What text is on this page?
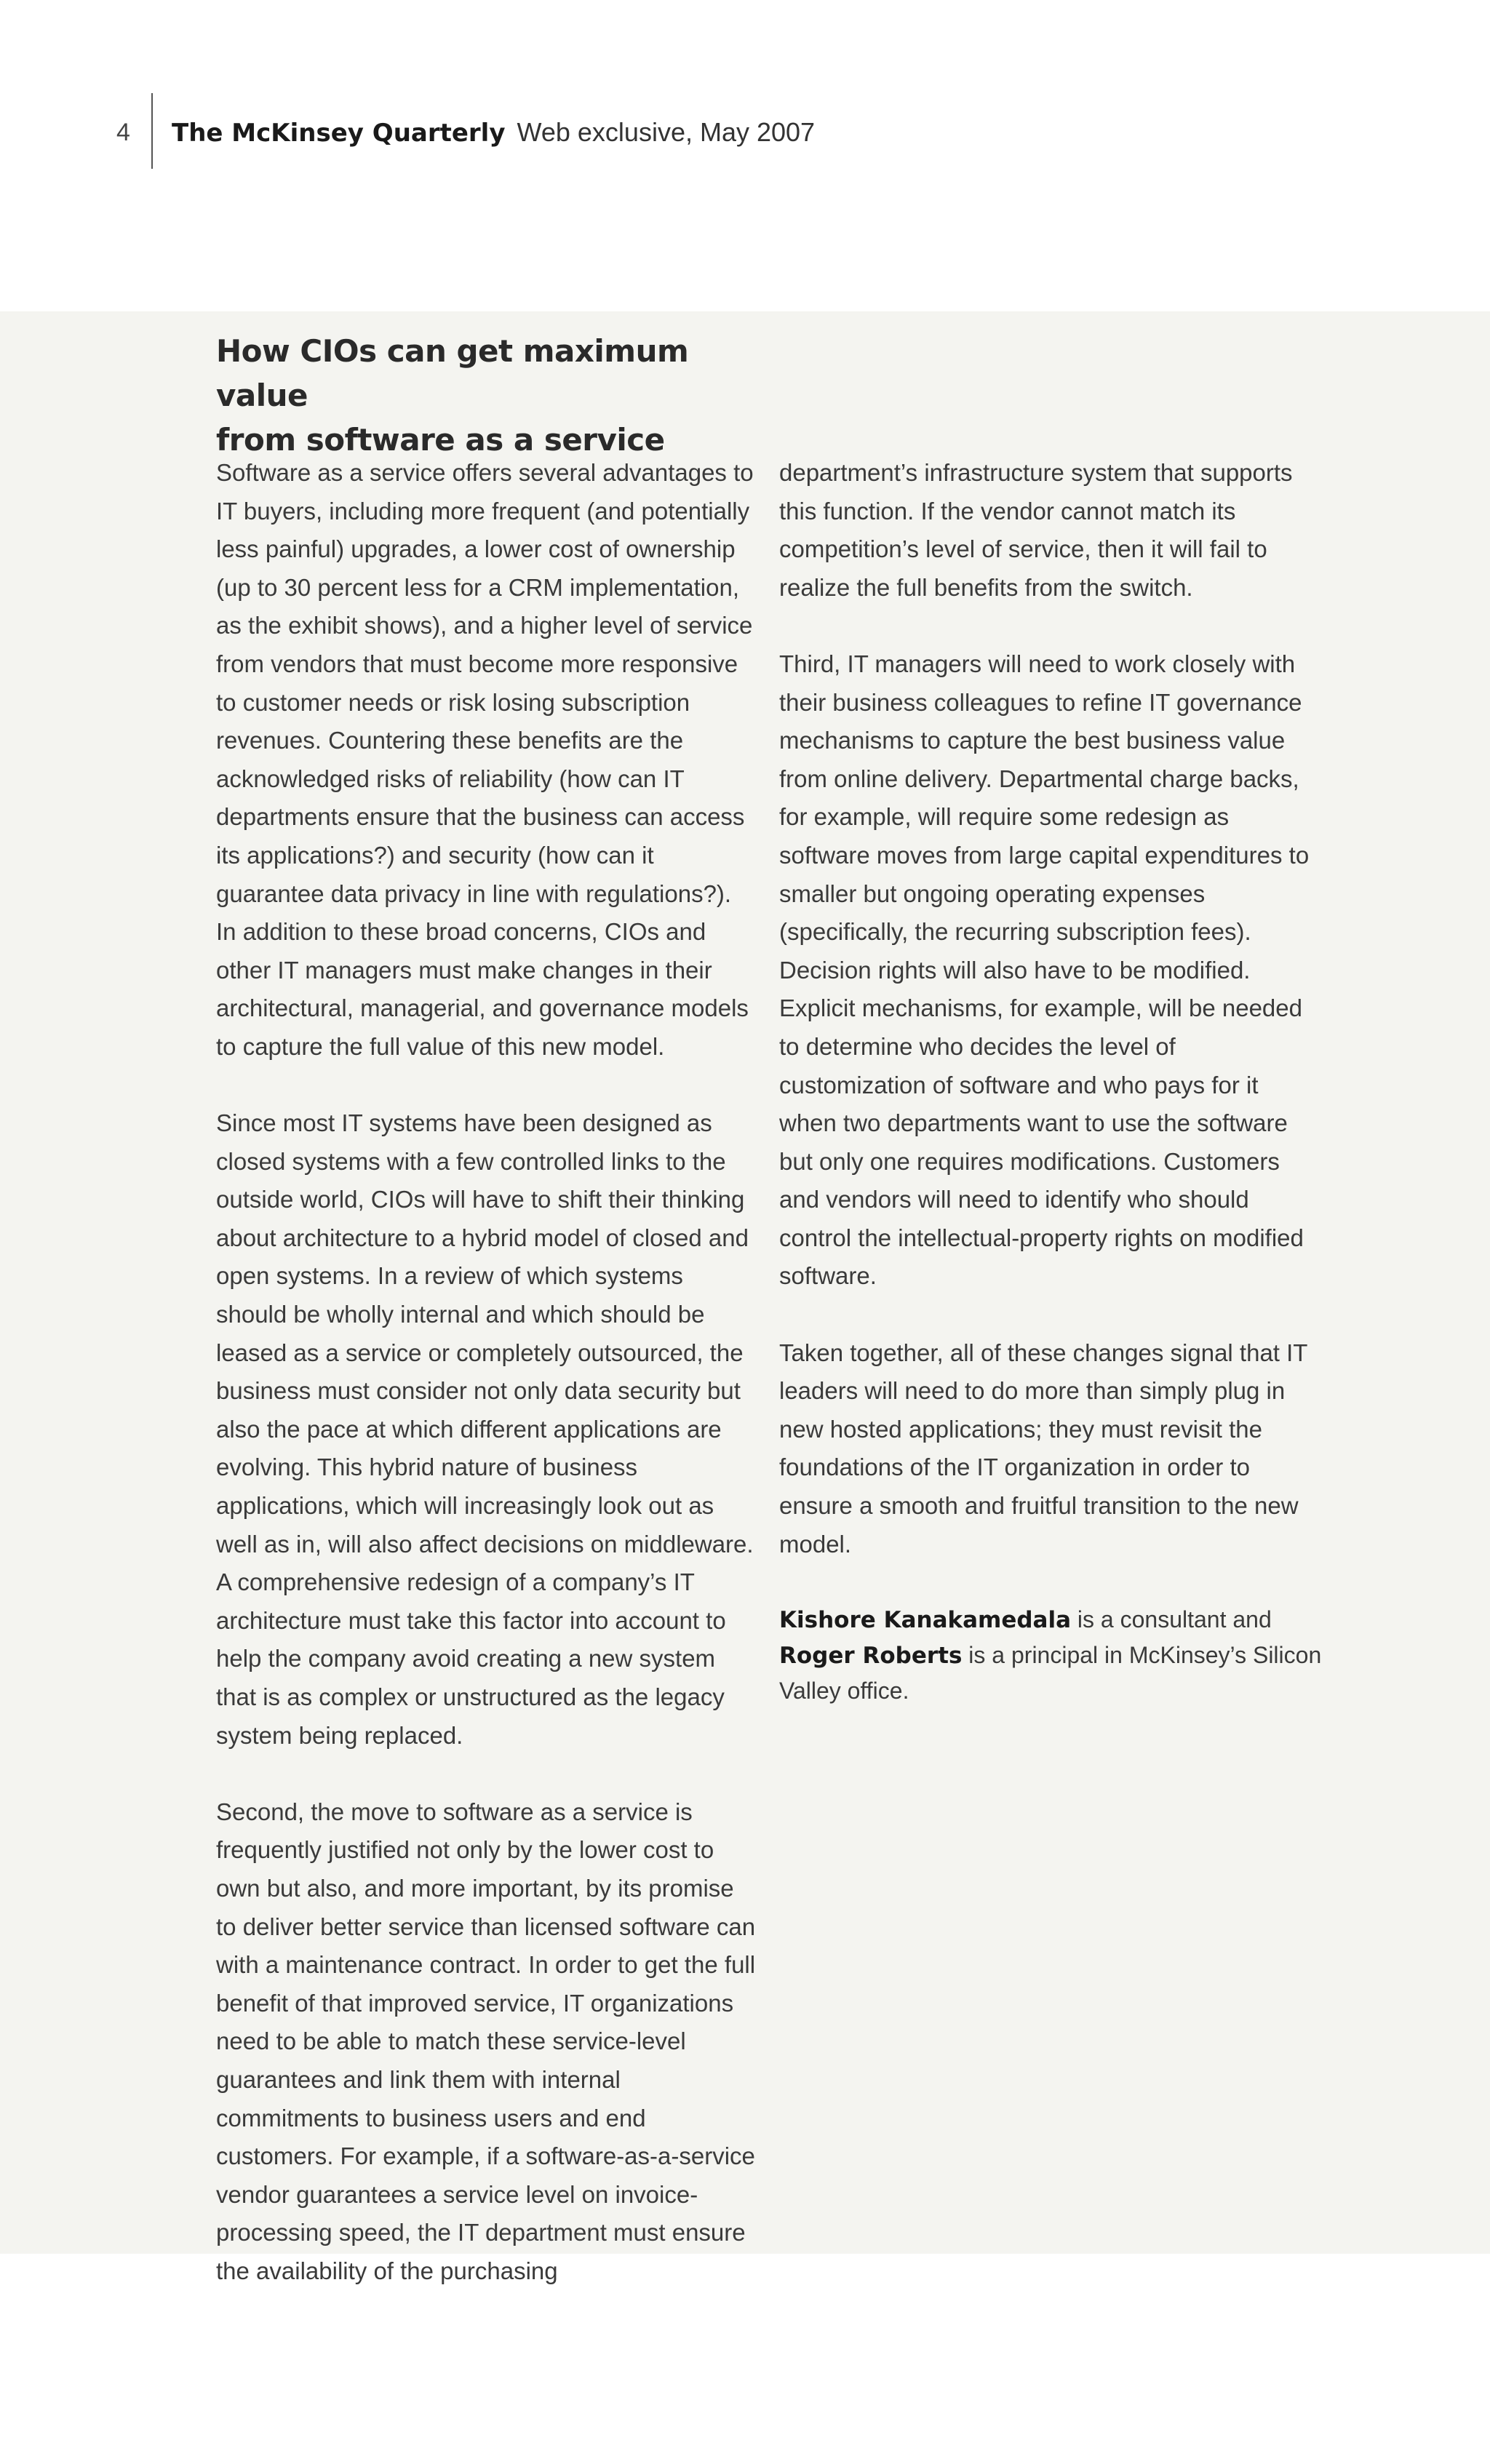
4 The McKinsey Quarterly Web exclusive, May 2007
How CIOs can get maximum value
from software as a service

Software as a service offers several advantages to IT buyers, including more frequent (and potentially less painful) upgrades, a lower cost of ownership (up to 30 percent less for a CRM implementation, as the exhibit shows), and a higher level of service from vendors that must become more responsive to customer needs or risk losing subscription revenues. Countering these benefits are the acknowledged risks of reliability (how can IT departments ensure that the business can access its applications?) and security (how can it guarantee data privacy in line with regulations?). In addition to these broad concerns, CIOs and other IT managers must make changes in their architectural, managerial, and governance models to capture the full value of this new model.

Since most IT systems have been designed as closed systems with a few controlled links to the outside world, CIOs will have to shift their thinking about architecture to a hybrid model of closed and open systems. In a review of which systems should be wholly internal and which should be leased as a service or completely outsourced, the business must consider not only data security but also the pace at which different applications are evolving. This hybrid nature of business applications, which will increasingly look out as well as in, will also affect decisions on middleware. A comprehensive redesign of a company’s IT architecture must take this factor into account to help the company avoid creating a new system that is as complex or unstructured as the legacy system being replaced.

Second, the move to software as a service is frequently justified not only by the lower cost to own but also, and more important, by its promise to deliver better service than licensed software can with a maintenance contract. In order to get the full benefit of that improved service, IT organizations need to be able to match these service-level guarantees and link them with internal commitments to business users and end customers. For example, if a software-as-a-service vendor guarantees a service level on invoice-processing speed, the IT department must ensure the availability of the purchasing

department’s infrastructure system that supports this function. If the vendor cannot match its competition’s level of service, then it will fail to realize the full benefits from the switch.

Third, IT managers will need to work closely with their business colleagues to refine IT governance mechanisms to capture the best business value from online delivery. Departmental charge backs, for example, will require some redesign as software moves from large capital expenditures to smaller but ongoing operating expenses (specifically, the recurring subscription fees). Decision rights will also have to be modified. Explicit mechanisms, for example, will be needed to determine who decides the level of customization of software and who pays for it when two departments want to use the software but only one requires modifications. Customers and vendors will need to identify who should control the intellectual-property rights on modified software.

Taken together, all of these changes signal that IT leaders will need to do more than simply plug in new hosted applications; they must revisit the foundations of the IT organization in order to ensure a smooth and fruitful transition to the new model.

Kishore Kanakamedala is a consultant and Roger Roberts is a principal in McKinsey’s Silicon Valley office.
